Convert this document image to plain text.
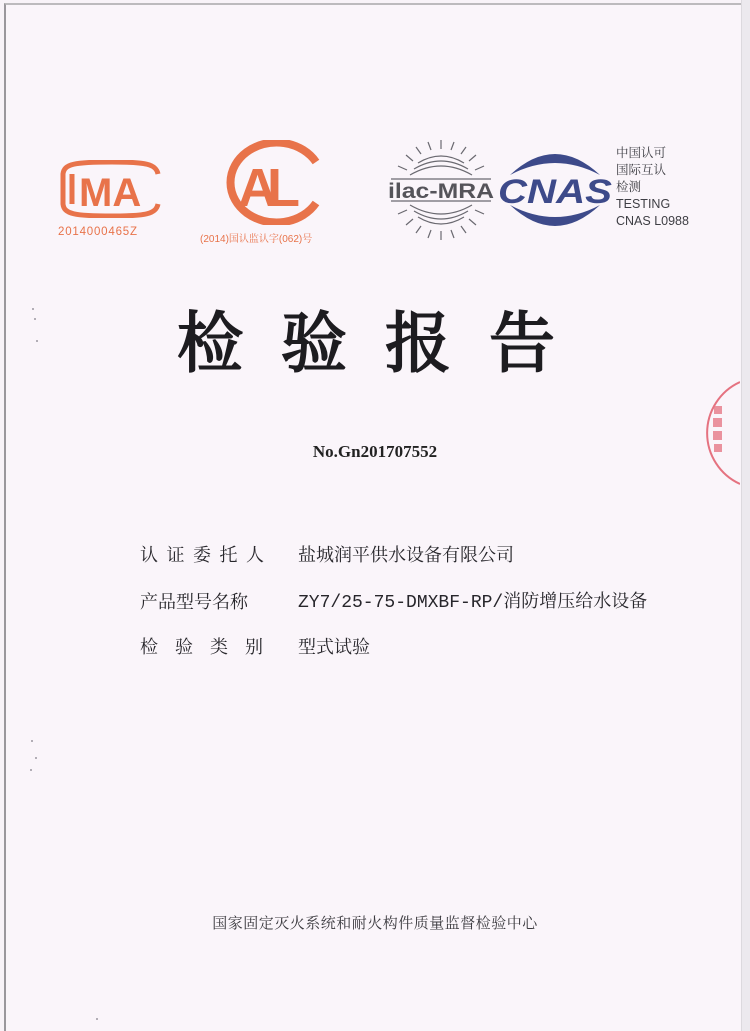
MA
2014000465Z
AL
(2014)国认监认字(062)号
ilac-MRA CNAS
中国认可
国际互认
检测
TESTING
CNAS L0988
检验报告
No.Gn201707552
认证委托人 盐城润平供水设备有限公司
产品型号名称	ZY7/25-75-DMXBF-RP/消防增压给水设备
检验类别 型式试验
国家固定灭火系统和耐火构件质量监督检验中心
